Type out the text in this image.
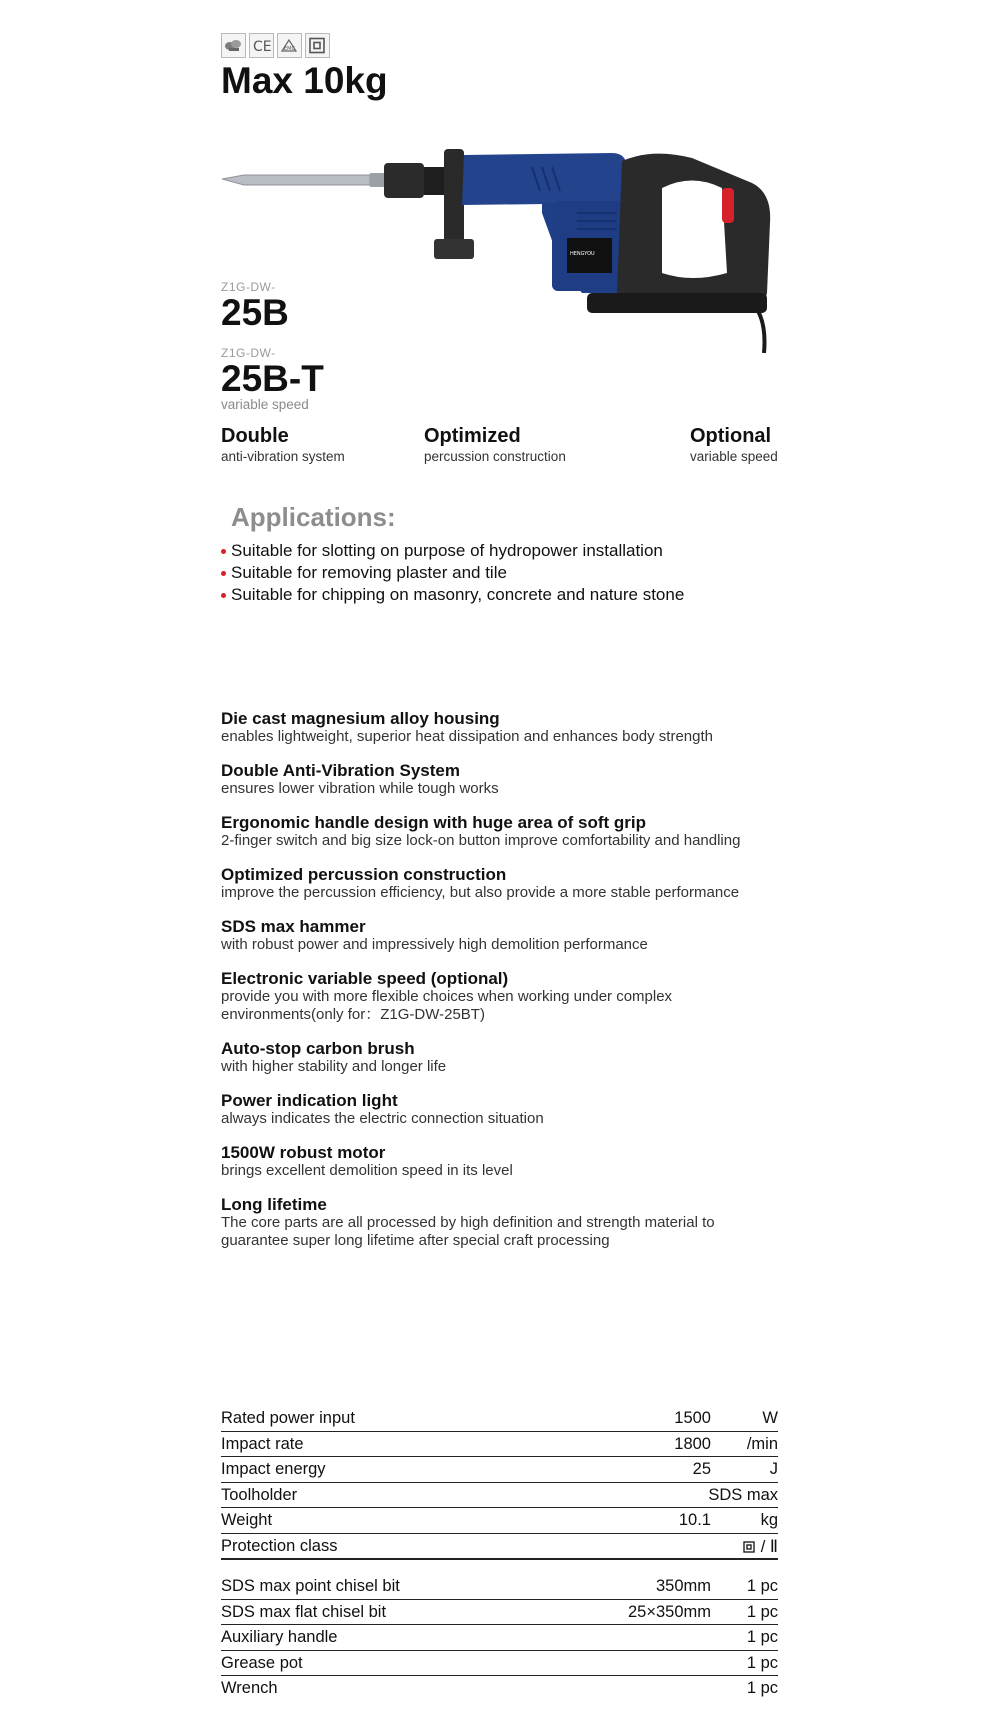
CE EMC
Max 10kg
HENGYOU
Z1G-DW-
25B
Z1G-DW-
25B-T
variable speed
Double
anti-vibration system
Optimized
percussion construction
Optional
variable speed
Applications:
Suitable for slotting on purpose of hydropower installation
Suitable for removing plaster and tile
Suitable for chipping on masonry, concrete and nature stone
Die cast magnesium alloy housing
enables lightweight, superior heat dissipation and enhances body strength
Double Anti-Vibration System
ensures lower vibration while tough works
Ergonomic handle design with huge area of soft grip
2-finger switch and big size lock-on button improve comfortability and handling
Optimized percussion construction
improve the percussion efficiency, but also provide a more stable performance
SDS max hammer
with robust power and impressively high demolition performance
Electronic variable speed (optional)
provide you with more flexible choices when working under complex environments(only for：Z1G-DW-25BT)
Auto-stop carbon brush
with higher stability and longer life
Power indication light
always indicates the electric connection situation
1500W robust motor
brings excellent demolition speed in its level
Long lifetime
The core parts are all processed by high definition and strength material to guarantee super long lifetime after special craft processing
Rated power input	1500	W
Impact rate	1800 /min
Impact energy	25	J
Toolholder	SDS max
Weight	10.1	kg
Protection class	/ Ⅱ
SDS max point chisel bit	350mm 1 pc
SDS max flat chisel bit	25×350mm 1 pc
Auxiliary handle	1 pc
Grease pot	1 pc
Wrench	1 pc
